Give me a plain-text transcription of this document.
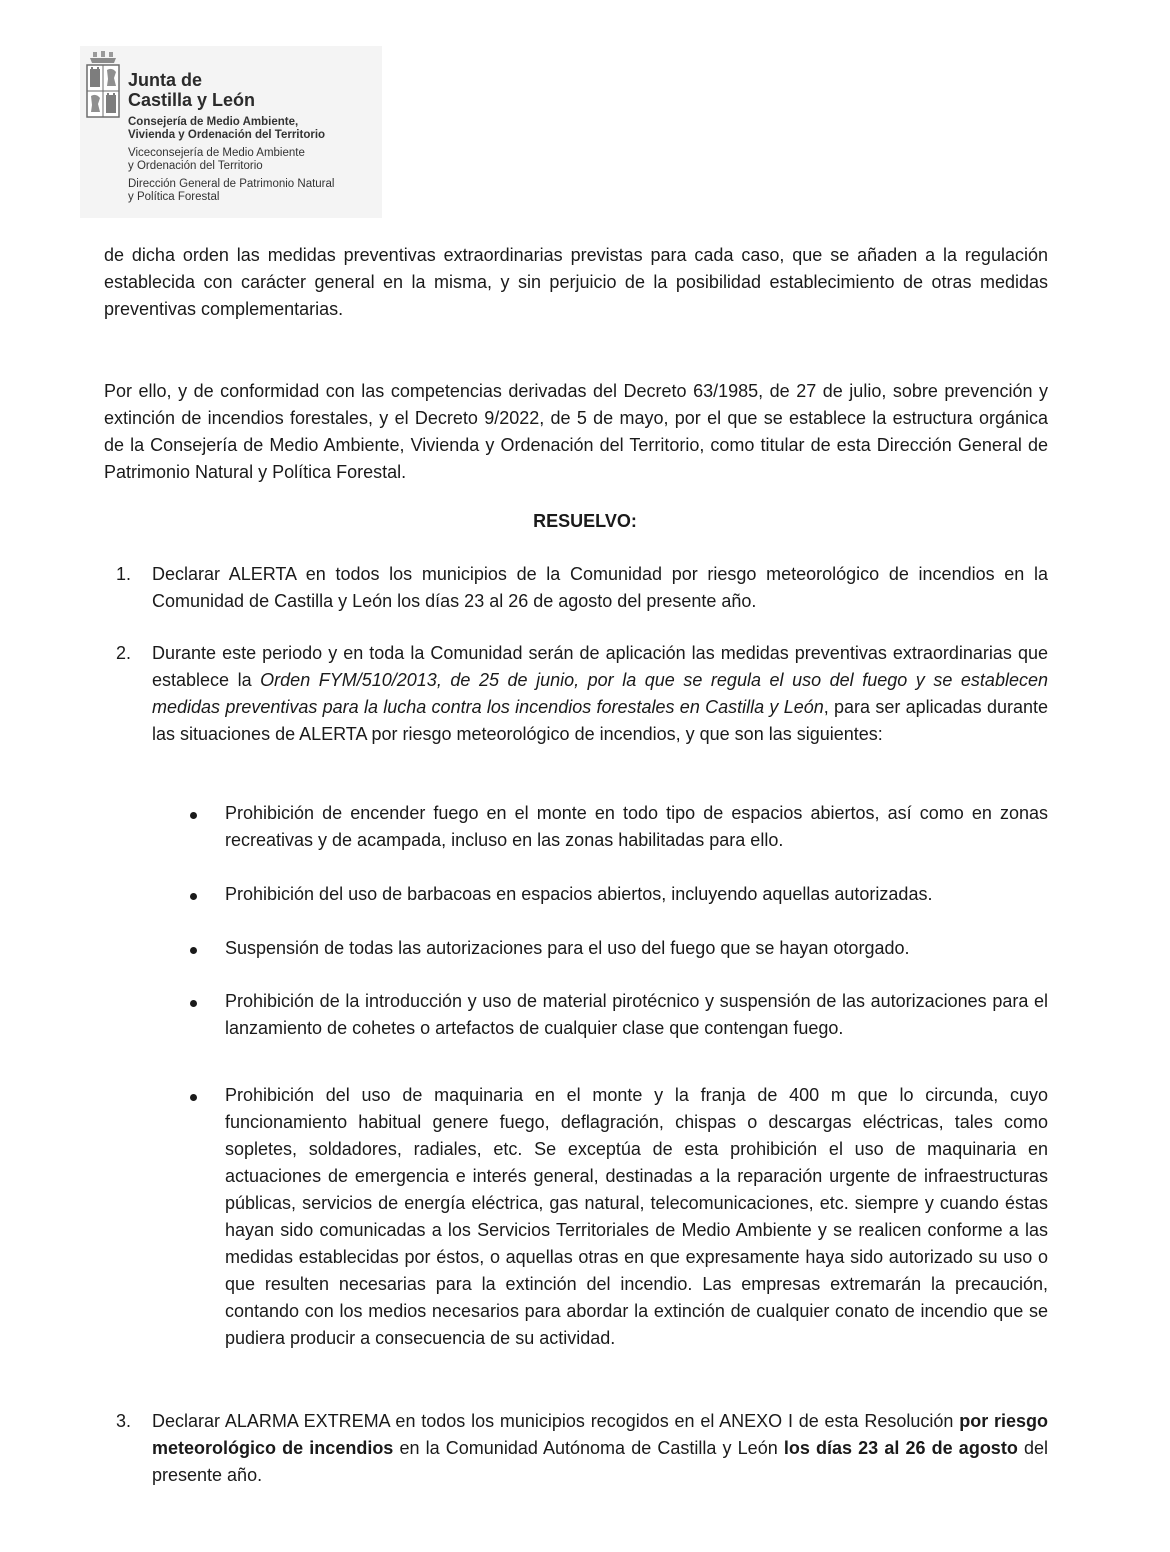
Junta de
Castilla y León
Consejería de Medio Ambiente,
Vivienda y Ordenación del Territorio
Viceconsejería de Medio Ambiente
y Ordenación del Territorio
Dirección General de Patrimonio Natural
y Política Forestal

de dicha orden las medidas preventivas extraordinarias previstas para cada caso, que se añaden a la regulación establecida con carácter general en la misma, y sin perjuicio de la posibilidad establecimiento de otras medidas preventivas complementarias.

Por ello, y de conformidad con las competencias derivadas del Decreto 63/1985, de 27 de julio, sobre prevención y extinción de incendios forestales, y el Decreto 9/2022, de 5 de mayo, por el que se establece la estructura orgánica de la Consejería de Medio Ambiente, Vivienda y Ordenación del Territorio, como titular de esta Dirección General de Patrimonio Natural y Política Forestal.

RESUELVO:
1. Declarar ALERTA en todos los municipios de la Comunidad por riesgo meteorológico de incendios en la Comunidad de Castilla y León los días 23 al 26 de agosto del presente año.
2. Durante este periodo y en toda la Comunidad serán de aplicación las medidas preventivas extraordinarias que establece la Orden FYM/510/2013, de 25 de junio, por la que se regula el uso del fuego y se establecen medidas preventivas para la lucha contra los incendios forestales en Castilla y León, para ser aplicadas durante las situaciones de ALERTA por riesgo meteorológico de incendios, y que son las siguientes:
Prohibición de encender fuego en el monte en todo tipo de espacios abiertos, así como en zonas recreativas y de acampada, incluso en las zonas habilitadas para ello.
Prohibición del uso de barbacoas en espacios abiertos, incluyendo aquellas autorizadas.
Suspensión de todas las autorizaciones para el uso del fuego que se hayan otorgado.
Prohibición de la introducción y uso de material pirotécnico y suspensión de las autorizaciones para el lanzamiento de cohetes o artefactos de cualquier clase que contengan fuego.
Prohibición del uso de maquinaria en el monte y la franja de 400 m que lo circunda, cuyo funcionamiento habitual genere fuego, deflagración, chispas o descargas eléctricas, tales como sopletes, soldadores, radiales, etc. Se exceptúa de esta prohibición el uso de maquinaria en actuaciones de emergencia e interés general, destinadas a la reparación urgente de infraestructuras públicas, servicios de energía eléctrica, gas natural, telecomunicaciones, etc. siempre y cuando éstas hayan sido comunicadas a los Servicios Territoriales de Medio Ambiente y se realicen conforme a las medidas establecidas por éstos, o aquellas otras en que expresamente haya sido autorizado su uso o que resulten necesarias para la extinción del incendio. Las empresas extremarán la precaución, contando con los medios necesarios para abordar la extinción de cualquier conato de incendio que se pudiera producir a consecuencia de su actividad.
3. Declarar ALARMA EXTREMA en todos los municipios recogidos en el ANEXO I de esta Resolución por riesgo meteorológico de incendios en la Comunidad Autónoma de Castilla y León los días 23 al 26 de agosto del presente año.
